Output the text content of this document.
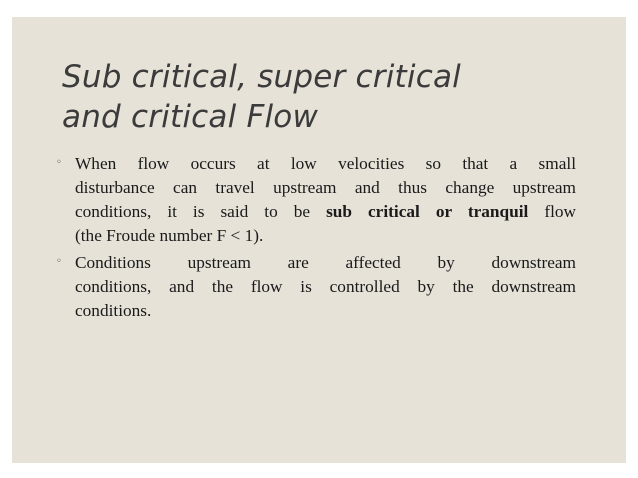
Sub critical, super critical
and critical Flow
◦ When flow occurs at low velocities so that a small
disturbance can travel upstream and thus change upstream
conditions, it is said to be sub critical or tranquil flow
(the Froude number F < 1).
◦ Conditions upstream are affected by downstream
conditions, and the flow is controlled by the downstream
conditions.
